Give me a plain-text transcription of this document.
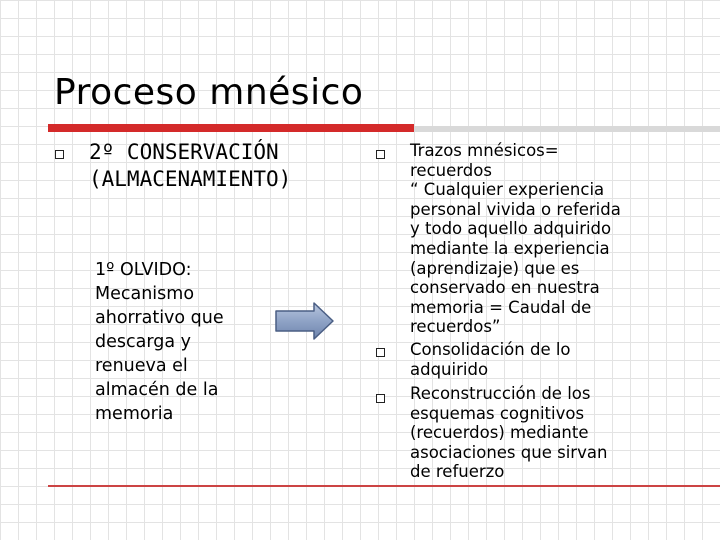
Proceso mnésico
2º CONSERVACIÓN
(ALMACENAMIENTO)
1º OLVIDO:
Mecanismo
ahorrativo que
descarga y
renueva el
almacén de la
memoria
Trazos mnésicos=
recuerdos
“ Cualquier experiencia
personal vivida o referida
y todo aquello adquirido
mediante la experiencia
(aprendizaje) que es
conservado en nuestra
memoria = Caudal de
recuerdos”
Consolidación de lo
adquirido
Reconstrucción de los
esquemas cognitivos
(recuerdos) mediante
asociaciones que sirvan
de refuerzo
